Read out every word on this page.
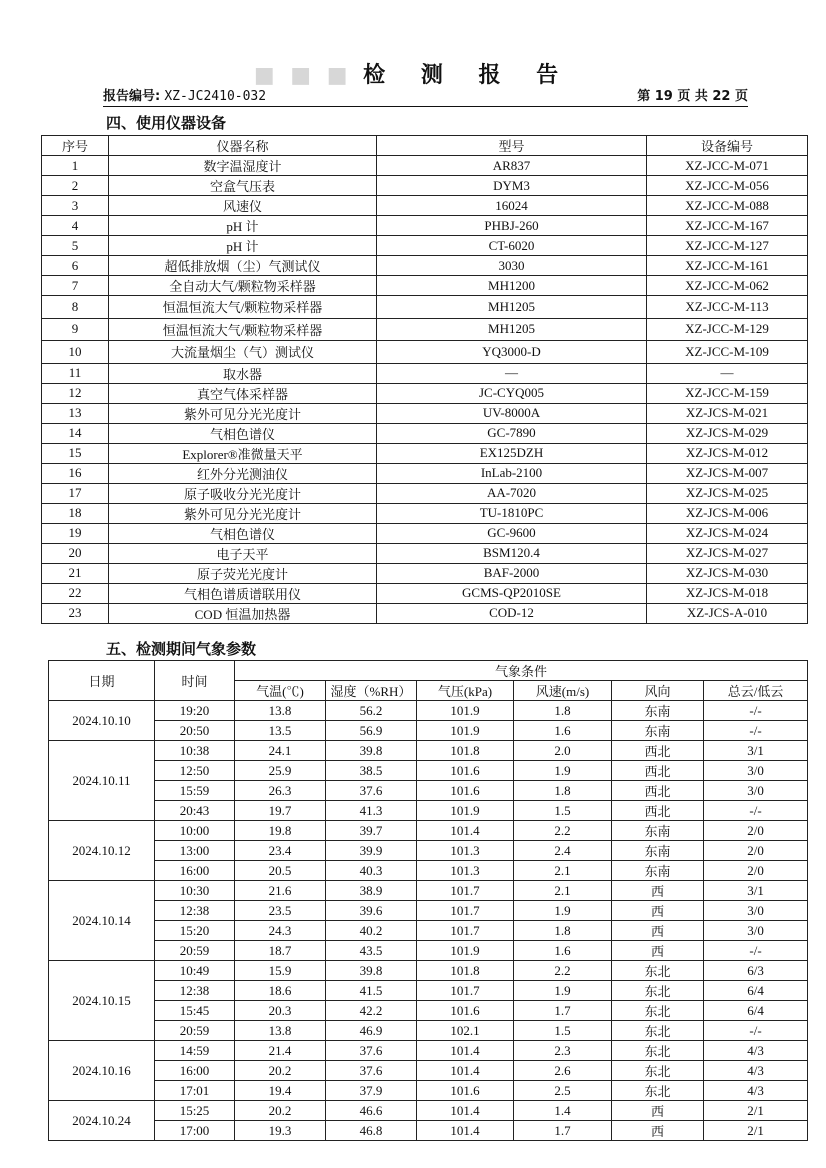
■ ■ ■ 检 测 报 告
报告编号: XZ-JC2410-032	第 19 页 共 22 页
四、使用仪器设备
序号	仪器名称	型号	设备编号
1	数字温湿度计	AR837	XZ-JCC-M-071
2	空盒气压表	DYM3	XZ-JCC-M-056
3	风速仪	16024	XZ-JCC-M-088
4	pH 计	PHBJ-260	XZ-JCC-M-167
5	pH 计	CT-6020	XZ-JCC-M-127
6	超低排放烟（尘）气测试仪	3030	XZ-JCC-M-161
7	全自动大气/颗粒物采样器	MH1200	XZ-JCC-M-062
8	恒温恒流大气/颗粒物采样器	MH1205	XZ-JCC-M-113
9	恒温恒流大气/颗粒物采样器	MH1205	XZ-JCC-M-129
10	大流量烟尘（气）测试仪	YQ3000-D	XZ-JCC-M-109
11	取水器	—	—
12	真空气体采样器	JC-CYQ005	XZ-JCC-M-159
13	紫外可见分光光度计	UV-8000A	XZ-JCS-M-021
14	气相色谱仪	GC-7890	XZ-JCS-M-029
15	Explorer®准微量天平	EX125DZH	XZ-JCS-M-012
16	红外分光测油仪	InLab-2100	XZ-JCS-M-007
17	原子吸收分光光度计	AA-7020	XZ-JCS-M-025
18	紫外可见分光光度计	TU-1810PC	XZ-JCS-M-006
19	气相色谱仪	GC-9600	XZ-JCS-M-024
20	电子天平	BSM120.4	XZ-JCS-M-027
21	原子荧光光度计	BAF-2000	XZ-JCS-M-030
22	气相色谱质谱联用仪	GCMS-QP2010SE	XZ-JCS-M-018
23	COD 恒温加热器	COD-12	XZ-JCS-A-010
五、检测期间气象参数
日期	时间	气象条件					
		气温(℃)	湿度（%RH）	气压(kPa)	风速(m/s)	风向	总云/低云
2024.10.10	19:20	13.8	56.2	101.9	1.8	东南	-/-
	20:50	13.5	56.9	101.9	1.6	东南	-/-
2024.10.11	10:38	24.1	39.8	101.8	2.0	西北	3/1
	12:50	25.9	38.5	101.6	1.9	西北	3/0
	15:59	26.3	37.6	101.6	1.8	西北	3/0
	20:43	19.7	41.3	101.9	1.5	西北	-/-
2024.10.12	10:00	19.8	39.7	101.4	2.2	东南	2/0
	13:00	23.4	39.9	101.3	2.4	东南	2/0
	16:00	20.5	40.3	101.3	2.1	东南	2/0
2024.10.14	10:30	21.6	38.9	101.7	2.1	西	3/1
	12:38	23.5	39.6	101.7	1.9	西	3/0
	15:20	24.3	40.2	101.7	1.8	西	3/0
	20:59	18.7	43.5	101.9	1.6	西	-/-
2024.10.15	10:49	15.9	39.8	101.8	2.2	东北	6/3
	12:38	18.6	41.5	101.7	1.9	东北	6/4
	15:45	20.3	42.2	101.6	1.7	东北	6/4
	20:59	13.8	46.9	102.1	1.5	东北	-/-
2024.10.16	14:59	21.4	37.6	101.4	2.3	东北	4/3
	16:00	20.2	37.6	101.4	2.6	东北	4/3
	17:01	19.4	37.9	101.6	2.5	东北	4/3
2024.10.24	15:25	20.2	46.6	101.4	1.4	西	2/1
	17:00	19.3	46.8	101.4	1.7	西	2/1
